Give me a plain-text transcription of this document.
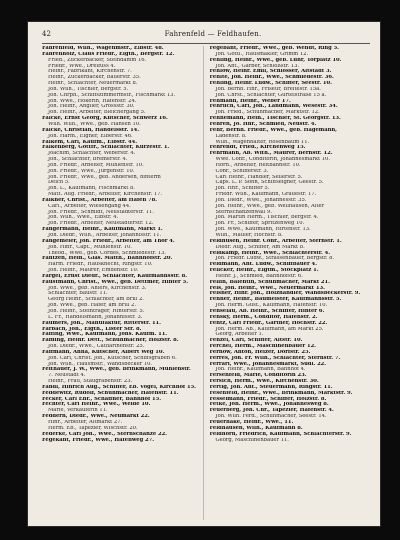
42	Fahrenfeld — Feldhaufen.
Fahrenfeld, Wilh., Wagenmstr., Elbstr. 48.
Fahrenholz, Claus Friedr., Eigth., Bergstr. 12.
Fried., Zuckerbäcker, Steindamm 16.
Friedr., Wwe., Dreifuss 4.
Heinr., Fabrikant, Kirchenstr. 7.
Heinr., Zuckerbäcker, Bauerstr. 35.
Heinr., Schlachter, Neuermarkt 8.
Joh. Wilh., Tischler, Bergstr. 5.
Joh. Chrph., Schiffszimmermstr., Fischmarkt 13.
Joh. Wwe., Hökerin, Hafenstr. 24.
Joh. Heinr., Anglier, Grossstr. 30.
Joh. Heinr., Arbeiter, Bleichergang 5.
Falcke, Ernst Georg, Kutscher, Schwerz 16.
Wilh. Wilh., Wwe., geb. Hansen 10.
Falcke, Christian, Handelsstr. 14.
Joh. Harm., Eigner, Elberstr. 46.
Falkem, Carl, Kaufm., Elbstr. 44.
Falkenberg, Gottfr., Schlachter, Kurzestr. 1.
Joachim, Schlachter, Weberstr. 4.
Joh., Schlachter, Bremerstr. 4.
Joh. Friedr., Arbeiter, Mühlenstr. 10.
Joh. Friedr., Wwe., Jürgenstr. 10.
Joh. Friedr., Wwe., geb. Andersen, hinterm
Deich 5.
Joh. L., Kaufmann, Fischmarkt 8.
Matt. Aug. Friedr., Arbeiter, Kirchenstr. 17.
Falkner, Christ., Arbeiter, am Hafen 78.
Carl., Arbeiter, Wiesengang 44.
Joh. Friedr., Schmidt, Neustädterstr. 11.
Joh. Wilh., Wwe., Elbstr. 4.
Joh. Friedr., Arbeiter, Neustädterstr. 12.
Fangermann, Heinr., Kaufmann, Markt 1.
Joh. Diedr., Wilh., Arbeiter, Johannisstr. 11.
Fangemeier, Joh. Friedr., Arbeiter, am Thor 4.
Joh. Hinr., Capt., Mühlenstr. 10.
Theod., Wwe., geb. Cordes, Schmiedestr. 13.
Fantzen, Hein., Glas. Matth., Bahnhofstr. 20.
Harm. Friedr., Hausknecht, Ringstr. 10.
Joh. Heinr., Maurer, Emdenstr. 10.
Fargel, Ernst Diedr., Schlachter, Kaufmannsstr. 8.
Faustmann, Christ., Wwe., geb. Dettmer, Hinter 5.
Joh. Wwe., geb. Ahlers, Kirchenstr. 3.
Schlachter, Baustr. 11.
Georg Heinr., Schlachter, am Brill 2.
Joh. Wwe., geb. Hafer, am Brill 2.
Joh. Heinr., Steinträger, Hinterstr. 5.
L. Fr., Handelsmann, Johannisstr. 3.
Faumers, Joh., Manufaktur, Ritterstr. 11.
Farbach, Joh., Eigth., Lister Str. 8.
Faffing, Wwe., Kaufmann, Johs. Kaufm. 11.
Faffling, Heinr. Dett., Schuhmacher, Holzstr. 8.
Joh. Diedr., Wwe., Catharinenstr. 25.
Faffmann, Anna, Kutscher, Albert Weg 10.
Joh. Carl, Christ. Joh., Kutscher, Schiffsgraben 6.
Joh. Wilh., Hausmstr., Wandsbecker 10.
Feithauer, J. W., Wwe., geb. Brinkmann, Mühlenstr.
7. Neustadt 4.
Heinr., Frau, Staugrabenstr. 23.
Fandl, Hinrich Aug., Schiffer, Eb. Vogel, Kirchhof 15.
Feddewitz, Rudolf, Schuhmacher, Hafenstr. 11.
Fecker, Carl Ehr., Schaffner, Bahnhof 15.
Fechter, Carl Heinr., Wwe., Weide 10.
Marie, Verkäuferin 11.
Feddern, Diedr., Wwe., Neumarkt 22.
Hinr., Arbeiter, Altmarkt 27.
Herm. Eb., Tapezier, Wischstr. 20.
Federke, Carl Joh., Wwe., Sternschanze 22.
Fegekant, Friedr., Wwe., Hafenweg 27.
Fegebant, Friedr., Wwe., geb. Wendt, Ring 5.
Joh. Gottl., Hausmakler, Grimm 12.
Fehling, Heinr., Wwe., geb. Lühr, Torplatz 10.
Joh. Ant., Garber, Schloßstr. 13.
Fehlow, Heinr. Emil, Schlosser, Altstadt 3.
Fehlte, Joh. Heinr., Wwe., Schmiedestr. 36.
Fehling, Heinr. Ludw., Schiffer, Seestr. 10.
Joh. Bernh. Hnr., Friseur, Breitestr. 15a.
Joh. Chrst., Schlachter, Gürtelstraße 15 a.
Fehmann, Heinr., Weber 17.
Fehrlich, Carl, Joh., Landmann, Wesestr. 34.
Joh. Fried., Schuhmacher, Marktstr. 12.
Fehnemann, Hein., Tischler, St. Georgstr. 13.
Fehren, Jo. Hnr., Schmied, Neustr. 4.
Fehr, Bernh. Friedr., Wwe., geb. Hagemann,
Ladenstr. 8.
Wilh., Wagenhalter, Rosenbaum 11.
Fehrendt, Fried., Kirchenweg 15.
Fehrmann, Ab. With., Maurer, Bernstr. 12.
Wwe. Conr., Conditorin, Johannesmarkt 10.
Horn., Arbeiter, Reitbahnstr. 10.
Conr., Schifferstr. 3.
Carl Heinr., Händler, Seilerstr. 5.
Caps. L. P. Sohn, Schiffseigner, Geestr. 5.
Joh. Hnr., Schiffer 5.
Friedr. Wilh., Kaufmann, Grauestr. 17.
Joh. Diedr., Wwe., Johannesstr. 35.
Joh. Heinr., Wwe., geb. Wellhausen, Alter
Sternschanzenwall 9.
Joh. Martin Herm., Tischler, Bergstr. 4.
Joh. Fr., Schiffer, Spritzenweg 10.
Joh. Wwe., Kaufmann, Hirtenstr. 13.
Wilh., Mauler, Hochstr. 8.
Feldhusen, Heinr. Conr., Arbeiter, Sternstr. 1.
Diedr. Aug., Schiffer, Am Markt 8.
Feldkamp, Heinr., Wwe., Schlachterstr. 4.
Joh. Friedr. Ludw., Strassenbauer, Bergstr. 8.
Feldmann, Ant. Ludw., Schiffbauer 4.
Fellcker, Heinr., Eigtm., Stockplatz 1.
Heinr. J., Schmied, Bahnhofstr. 6.
Fellin, Balentin, Schuhmacher, Markt 21.
Fels, Joh. Heinr., Wwe., Neuermarkt 13.
Felsner, Hinr. Joh., Holzhändler, Wandsbeckerstr. 9.
Fenner, Heinr., Baumeister, Kaufmannsstr. 5.
Joh. Herm. Gust., Kaufmann, Hafenstr. 10.
Fenselau, Ab. Heinr., Schiffer, Hinter 6.
Fensky, Herm., Conditor, Hafenstr. 2.
Fentz, Carl Friedr., Gärtner, Hochstr. 22.
Joh. Herm. Ab., Kaufmann, am Markt 25.
Georg, Arbeiter 1.
Fenzel, Carl, Schiffer, Altstr. 10.
Ferchel, Herm., Maschinenbauer 12.
Fernow, Anton, Heizer, Dorfstr. 25.
Ferres, Joh. Fr. Wilh., Schlachter, Sternstr. 7.
Ferrari, Wwe., Johannesmarkt, Südl. 22.
Joh. Heinr., Kaufmann, Bahnhof 4.
Fersenfeld, Marie, Conditorin 23.
Fersich, Herm., Wwe., Kirchenstr. 30.
Fertig, Joh. Ant., Steuermann, Ringstr. 11.
Fesenfeld, Heinr., Wwe., Brinkmann, Marktstr. 9.
Fesselmann, Friedr., Schiffer, Holzstr. 8.
Fetke, Joh. Herm., Wwe., Johannesweg 8.
Feuerberg, Joh. Chr., Tapezier, Hafenstr. 4.
Joh. Wilh. Ferd., Schuhmacher, Seestr. 14.
Feuerhake, Heinr., Wwe., 11.
Feldhausen, Wilh., Kaufmann 8.
Feldhorn, Friedrich, Kaufmann, Schlachterstr. 9.
Georg, Maschinenbauer 11.
